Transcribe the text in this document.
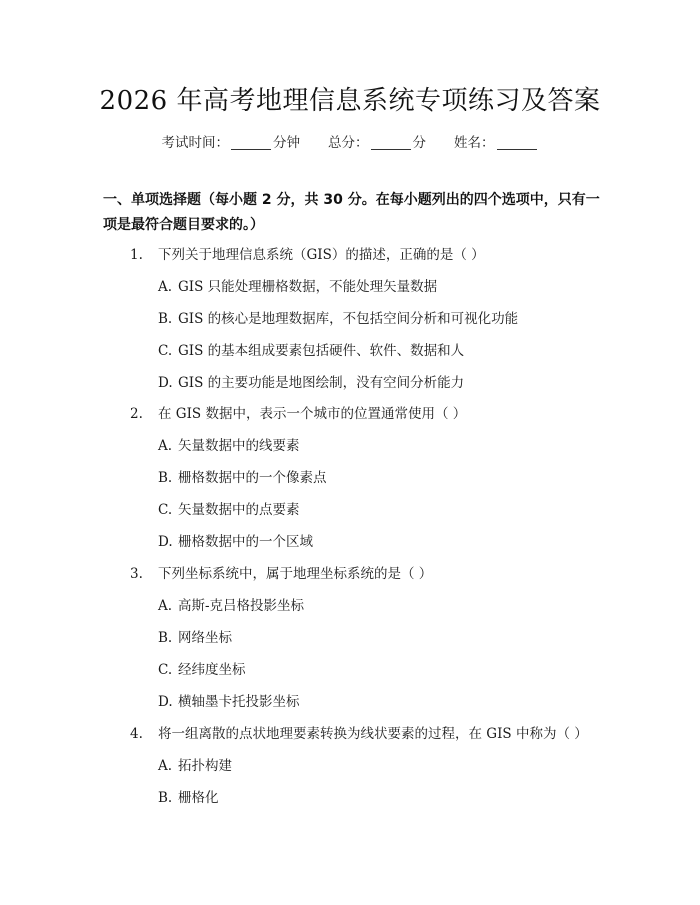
2026 年高考地理信息系统专项练习及答案
考试时间：	分钟 总分：	分 姓名：
一、单项选择题（每小题 2 分，共 30 分。在每小题列出的四个选项中，只有一项是最符合题目要求的。）
1. 下列关于地理信息系统（GIS）的描述，正确的是（ ）
A. GIS 只能处理栅格数据，不能处理矢量数据
B. GIS 的核心是地理数据库，不包括空间分析和可视化功能
C. GIS 的基本组成要素包括硬件、软件、数据和人
D. GIS 的主要功能是地图绘制，没有空间分析能力
2. 在 GIS 数据中，表示一个城市的位置通常使用（ ）
A. 矢量数据中的线要素
B. 栅格数据中的一个像素点
C. 矢量数据中的点要素
D. 栅格数据中的一个区域
3. 下列坐标系统中，属于地理坐标系统的是（ ）
A. 高斯-克吕格投影坐标
B. 网络坐标
C. 经纬度坐标
D. 横轴墨卡托投影坐标
4. 将一组离散的点状地理要素转换为线状要素的过程，在 GIS 中称为（ ）
A. 拓扑构建
B. 栅格化
